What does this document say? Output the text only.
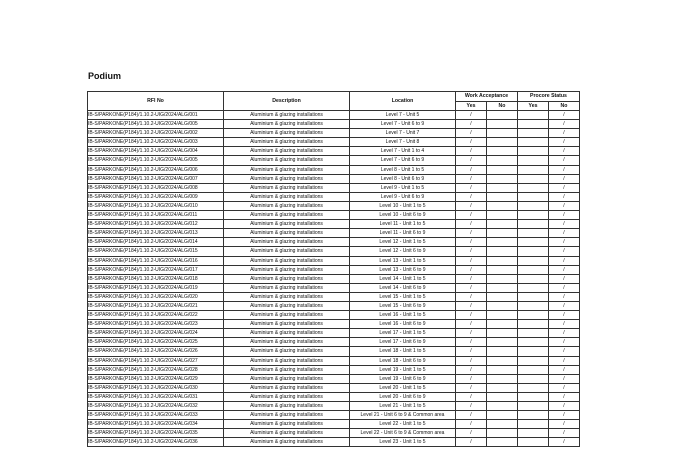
Podium
RFI No	Description	Location	Work Acceptance		Procore Status	
			Yes	No	Yes	No
IB-S/PARKONE(P184)/1.10.2-UIG/2024/ALG/001	Aluminium & glazing installations	Level 7 - Unit 5	/			/
IB-S/PARKONE(P184)/1.10.2-UIG/2024/ALG/005	Aluminium & glazing installations	Level 7 - Unit 6 to 9	/			/
IB-S/PARKONE(P184)/1.10.2-UIG/2024/ALG/002	Aluminium & glazing installations	Level 7 - Unit 7	/			/
IB-S/PARKONE(P184)/1.10.2-UIG/2024/ALG/003	Aluminium & glazing installations	Level 7 - Unit 8	/			/
IB-S/PARKONE(P184)/1.10.2-UIG/2024/ALG/004	Aluminium & glazing installations	Level 7 - Unit 1 to 4	/			/
IB-S/PARKONE(P184)/1.10.2-UIG/2024/ALG/005	Aluminium & glazing installations	Level 7 - Unit 6 to 9	/			/
IB-S/PARKONE(P184)/1.10.2-UIG/2024/ALG/006	Aluminium & glazing installations	Level 8 - Unit 1 to 5	/			/
IB-S/PARKONE(P184)/1.10.2-UIG/2024/ALG/007	Aluminium & glazing installations	Level 8 - Unit 6 to 9	/			/
IB-S/PARKONE(P184)/1.10.2-UIG/2024/ALG/008	Aluminium & glazing installations	Level 9 - Unit 1 to 5	/			/
IB-S/PARKONE(P184)/1.10.2-UIG/2024/ALG/009	Aluminium & glazing installations	Level 9 - Unit 6 to 9	/			/
IB-S/PARKONE(P184)/1.10.2-UIG/2024/ALG/010	Aluminium & glazing installations	Level 10 - Unit 1 to 5	/			/
IB-S/PARKONE(P184)/1.10.2-UIG/2024/ALG/011	Aluminium & glazing installations	Level 10 - Unit 6 to 9	/			/
IB-S/PARKONE(P184)/1.10.2-UIG/2024/ALG/012	Aluminium & glazing installations	Level 11 - Unit 1 to 5	/			/
IB-S/PARKONE(P184)/1.10.2-UIG/2024/ALG/013	Aluminium & glazing installations	Level 11 - Unit 6 to 9	/			/
IB-S/PARKONE(P184)/1.10.2-UIG/2024/ALG/014	Aluminium & glazing installations	Level 12 - Unit 1 to 5	/			/
IB-S/PARKONE(P184)/1.10.2-UIG/2024/ALG/015	Aluminium & glazing installations	Level 12 - Unit 6 to 9	/			/
IB-S/PARKONE(P184)/1.10.2-UIG/2024/ALG/016	Aluminium & glazing installations	Level 13 - Unit 1 to 5	/			/
IB-S/PARKONE(P184)/1.10.2-UIG/2024/ALG/017	Aluminium & glazing installations	Level 13 - Unit 6 to 9	/			/
IB-S/PARKONE(P184)/1.10.2-UIG/2024/ALG/018	Aluminium & glazing installations	Level 14 - Unit 1 to 5	/			/
IB-S/PARKONE(P184)/1.10.2-UIG/2024/ALG/019	Aluminium & glazing installations	Level 14 - Unit 6 to 9	/			/
IB-S/PARKONE(P184)/1.10.2-UIG/2024/ALG/020	Aluminium & glazing installations	Level 15 - Unit 1 to 5	/			/
IB-S/PARKONE(P184)/1.10.2-UIG/2024/ALG/021	Aluminium & glazing installations	Level 15 - Unit 6 to 9	/			/
IB-S/PARKONE(P184)/1.10.2-UIG/2024/ALG/022	Aluminium & glazing installations	Level 16 - Unit 1 to 5	/			/
IB-S/PARKONE(P184)/1.10.2-UIG/2024/ALG/023	Aluminium & glazing installations	Level 16 - Unit 6 to 9	/			/
IB-S/PARKONE(P184)/1.10.2-UIG/2024/ALG/024	Aluminium & glazing installations	Level 17 - Unit 1 to 5	/			/
IB-S/PARKONE(P184)/1.10.2-UIG/2024/ALG/025	Aluminium & glazing installations	Level 17 - Unit 6 to 9	/			/
IB-S/PARKONE(P184)/1.10.2-UIG/2024/ALG/026	Aluminium & glazing installations	Level 18 - Unit 1 to 5	/			/
IB-S/PARKONE(P184)/1.10.2-UIG/2024/ALG/027	Aluminium & glazing installations	Level 18 - Unit 6 to 9	/			/
IB-S/PARKONE(P184)/1.10.2-UIG/2024/ALG/028	Aluminium & glazing installations	Level 19 - Unit 1 to 5	/			/
IB-S/PARKONE(P184)/1.10.2-UIG/2024/ALG/029	Aluminium & glazing installations	Level 19 - Unit 6 to 9	/			/
IB-S/PARKONE(P184)/1.10.2-UIG/2024/ALG/030	Aluminium & glazing installations	Level 20 - Unit 1 to 5	/			/
IB-S/PARKONE(P184)/1.10.2-UIG/2024/ALG/031	Aluminium & glazing installations	Level 20 - Unit 6 to 9	/			/
IB-S/PARKONE(P184)/1.10.2-UIG/2024/ALG/032	Aluminium & glazing installations	Level 21 - Unit 1 to 5	/			/
IB-S/PARKONE(P184)/1.10.2-UIG/2024/ALG/033	Aluminium & glazing installations	Level 21 - Unit 6 to 9 & Common area	/			/
IB-S/PARKONE(P184)/1.10.2-UIG/2024/ALG/034	Aluminium & glazing installations	Level 22 - Unit 1 to 5	/			/
IB-S/PARKONE(P184)/1.10.2-UIG/2024/ALG/035	Aluminium & glazing installations	Level 22 - Unit 6 to 9 & Common area	/			/
IB-S/PARKONE(P184)/1.10.2-UIG/2024/ALG/036	Aluminium & glazing installations	Level 23 - Unit 1 to 5	/			/
